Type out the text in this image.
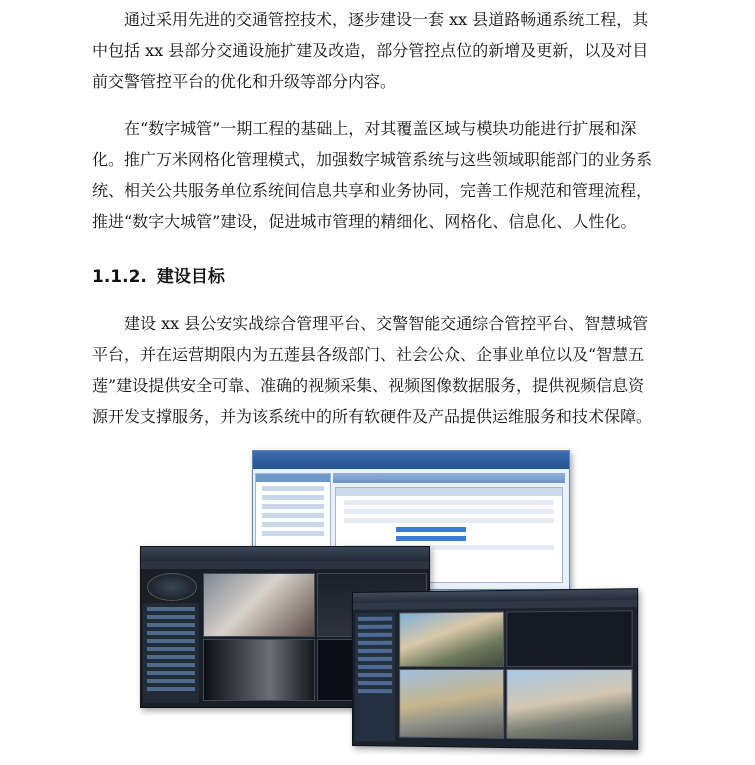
通过采用先进的交通管控技术，逐步建设一套 xx 县道路畅通系统工程，其
中包括 xx 县部分交通设施扩建及改造，部分管控点位的新增及更新，以及对目
前交警管控平台的优化和升级等部分内容。

在“数字城管”一期工程的基础上，对其覆盖区域与模块功能进行扩展和深
化。推广万米网格化管理模式，加强数字城管系统与这些领域职能部门的业务系
统、相关公共服务单位系统间信息共享和业务协同，完善工作规范和管理流程，
推进“数字大城管”建设，促进城市管理的精细化、网格化、信息化、人性化。

1.1.2. 建设目标

建设 xx 县公安实战综合管理平台、交警智能交通综合管控平台、智慧城管
平台，并在运营期限内为五莲县各级部门、社会公众、企事业单位以及“智慧五
莲”建设提供安全可靠、准确的视频采集、视频图像数据服务，提供视频信息资
源开发支撑服务，并为该系统中的所有软硬件及产品提供运维服务和技术保障。
